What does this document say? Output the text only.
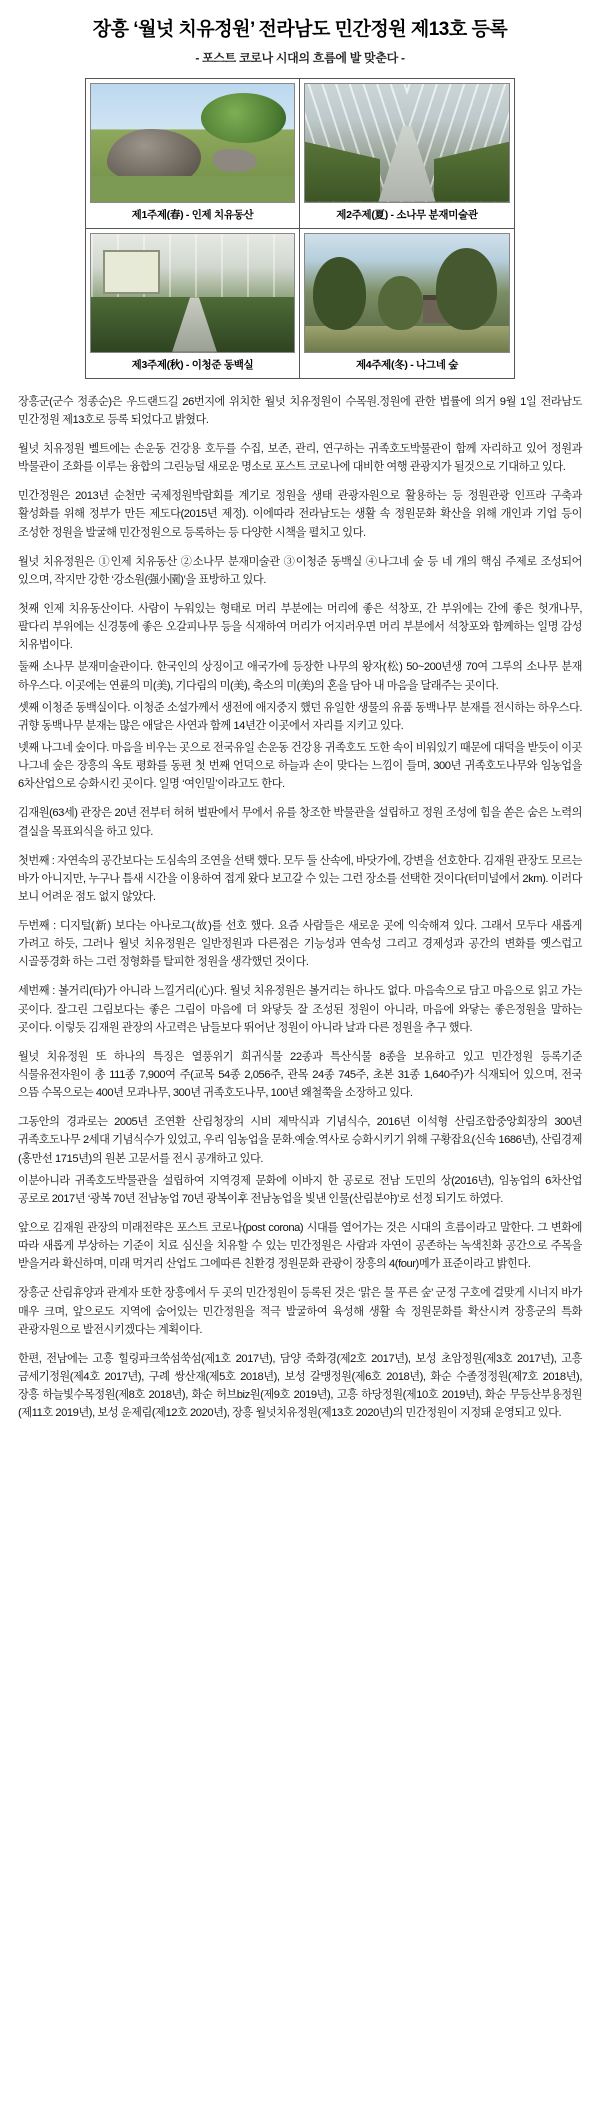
장흥 ‘월넛 치유정원’ 전라남도 민간정원 제13호 등록
- 포스트 코로나 시대의 흐름에 발 맞춘다 -
제1주제(春) - 인제 치유동산	제2주제(夏) - 소나무 분재미술관
제3주제(秋) - 이청준 동백실	제4주제(冬) - 나그네 숲

장흥군(군수 정종순)은 우드랜드길 26번지에 위치한 월넛 치유정원이 수목원.정원에 관한 법률에 의거 9월 1일 전라남도 민간정원 제13호로 등록 되었다고 밝혔다.

월넛 치유정원 벨트에는 손운동 건강용 호두를 수집, 보존, 관리, 연구하는 귀족호도박물관이 함께 자리하고 있어 정원과 박물관이 조화를 이루는 융합의 그린능덜 새로운 명소로 포스트 코로나에 대비한 여행 관광지가 될것으로 기대하고 있다.

민간정원은 2013년 순천만 국제정원박람회를 계기로 정원을 생태 관광자원으로 활용하는 등 정원관광 인프라 구축과 활성화를 위해 정부가 만든 제도다(2015년 제정). 이에따라 전라남도는 생활 속 정원문화 확산을 위해 개인과 기업 등이 조성한 정원을 발굴해 민간정원으로 등록하는 등 다양한 시책을 펼치고 있다.

월넛 치유정원은 ①인제 치유동산 ②소나무 분재미술관 ③이청준 동백실 ④나그네 숲 등 네 개의 핵심 주제로 조성되어 있으며, 작지만 강한 ‘강소원(强小園)’을 표방하고 있다.

첫째 인제 치유동산이다. 사람이 누워있는 형태로 머리 부분에는 머리에 좋은 석창포, 간 부위에는 간에 좋은 헛개나무, 팔다리 부위에는 신경통에 좋은 오갈피나무 등을 식재하여 머리가 어지러우면 머리 부분에서 석창포와 함께하는 일명 감성 치유법이다.

둘째 소나무 분재미술관이다. 한국인의 상징이고 애국가에 등장한 나무의 왕자(松) 50~200년생 70여 그루의 소나무 분재 하우스다. 이곳에는 연륜의 미(美), 기다림의 미(美), 축소의 미(美)의 혼을 담아 내 마음을 달래주는 곳이다.

셋째 이청준 동백실이다. 이청준 소설가께서 생전에 애지중지 했던 유일한 생물의 유품 동백나무 분재를 전시하는 하우스다. 귀향 동백나무 분재는 많은 애달은 사연과 함께 14년간 이곳에서 자리를 지키고 있다.

넷째 나그네 숲이다. 마음을 비우는 곳으로 전국유일 손운동 건강용 귀족호도 도한 속이 비워있기 때문에 대덕을 받듯이 이곳 나그네 숲은 장흥의 옥토 평화를 동편 첫 번째 언덕으로 하늘과 손이 맞다는 느낌이 들며, 300년 귀족호도나무와 임농업을 6차산업으로 승화시킨 곳이다. 일명 ‘여인밀’이라고도 한다.

김재원(63세) 관장은 20년 전부터 허허 벌판에서 무에서 유를 창조한 박물관을 설립하고 정원 조성에 힘을 쏟은 숨은 노력의 결실을 목표외식을 하고 있다.

첫번째 : 자연속의 공간보다는 도심속의 조연을 선택 했다. 모두 둘 산속에, 바닷가에, 강변을 선호한다. 김재원 관장도 모르는 바가 아니지만, 누구나 틈새 시간을 이용하여 접게 왔다 보고갈 수 있는 그런 장소를 선택한 것이다(터미널에서 2km). 이러다 보니 어려운 점도 없지 않았다.

두번째 : 디지털(新) 보다는 아나로그(故)를 선호 했다. 요즘 사람들은 새로운 곳에 익숙해져 있다. 그래서 모두다 새롭게 가려고 하듯, 그러나 월넛 치유정원은 일반정원과 다른점은 기능성과 연속성 그리고 경제성과 공간의 변화를 옛스럽고 시골풍경화 하는 그런 정형화를 탈피한 정원을 생각했던 것이다.

세번째 : 볼거리(타)가 아니라 느낄거리(心)다. 월넛 치유정원은 볼거리는 하나도 없다. 마음속으로 담고 마음으로 읽고 가는 곳이다. 잘그린 그림보다는 좋은 그림이 마음에 더 와닿듯 잘 조성된 정원이 아니라, 마음에 와닿는 좋은정원을 말하는 곳이다. 이렇듯 김재원 관장의 사고력은 남들보다 뛰어난 정원이 아니라 날과 다른 정원을 추구 했다.

월넛 치유정원 또 하나의 특징은 열풍위기 희귀식물 22종과 특산식물 8종을 보유하고 있고 민간정원 등록기준 식물유전자원이 총 111종 7,900여 주(교목 54종 2,056주, 관목 24종 745주, 초본 31종 1,640주)가 식재되어 있으며, 전국 으뜸 수목으로는 400년 모과나무, 300년 귀족호도나무, 100년 왜철쭉을 소장하고 있다.

그동안의 경과로는 2005년 조연환 산림청장의 시비 제막식과 기념식수, 2016년 이석형 산림조합중앙회장의 300년 귀족호도나무 2세대 기념식수가 있었고, 우리 임농업을 문화.예술.역사로 승화시키기 위해 구황잡요(신속 1686년), 산림경제(홍만선 1715년)의 원본 고문서를 전시 공개하고 있다.

이분아니라 귀족호도박물관을 설립하여 지역경제 문화에 이바지 한 공로로 전남 도민의 상(2016년), 임농업의 6차산업 공로로 2017년 ‘광복 70년 전남농업 70년 광복이후 전남농업을 빛낸 인물(산림분야)’로 선정 되기도 하였다.

앞으로 김재원 관장의 미래전략은 포스트 코로나(post corona) 시대를 열어가는 것은 시대의 흐름이라고 말한다. 그 변화에 따라 새롭게 부상하는 기준이 치료 심신을 치유할 수 있는 민간정원은 사람과 자연이 공존하는 녹색친화 공간으로 주목을 받을거라 확신하며, 미래 먹거리 산업도 그에따른 친환경 정원문화 관광이 장흥의 4(four)메가 표준이라고 밝힌다.

장흥군 산림휴양과 관계자 또한 장흥에서 두 곳의 민간정원이 등록된 것은 ‘맑은 물 푸른 숲’ 군정 구호에 걸맞게 시너지 바가 매우 크며, 앞으로도 지역에 숨어있는 민간정원을 적극 발굴하여 육성해 생활 속 정원문화를 확산시켜 장흥군의 특화 관광자원으로 발전시키겠다는 계획이다.

한편, 전남에는 고흥 힐링파크쑥섬쑥섬(제1호 2017년), 담양 죽화경(제2호 2017년), 보성 초암정원(제3호 2017년), 고흥 금세기정원(제4호 2017년), 구례 쌍산재(제5호 2018년), 보성 갈맹정원(제6호 2018년), 화순 수졸정정원(제7호 2018년), 장흥 하늘빛수목정원(제8호 2018년), 화순 허브biz원(제9호 2019년), 고흥 하당정원(제10호 2019년), 화순 무등산부용정원(제11호 2019년), 보성 운제림(제12호 2020년), 장흥 월넛치유정원(제13호 2020년)의 민간정원이 지정돼 운영되고 있다.
